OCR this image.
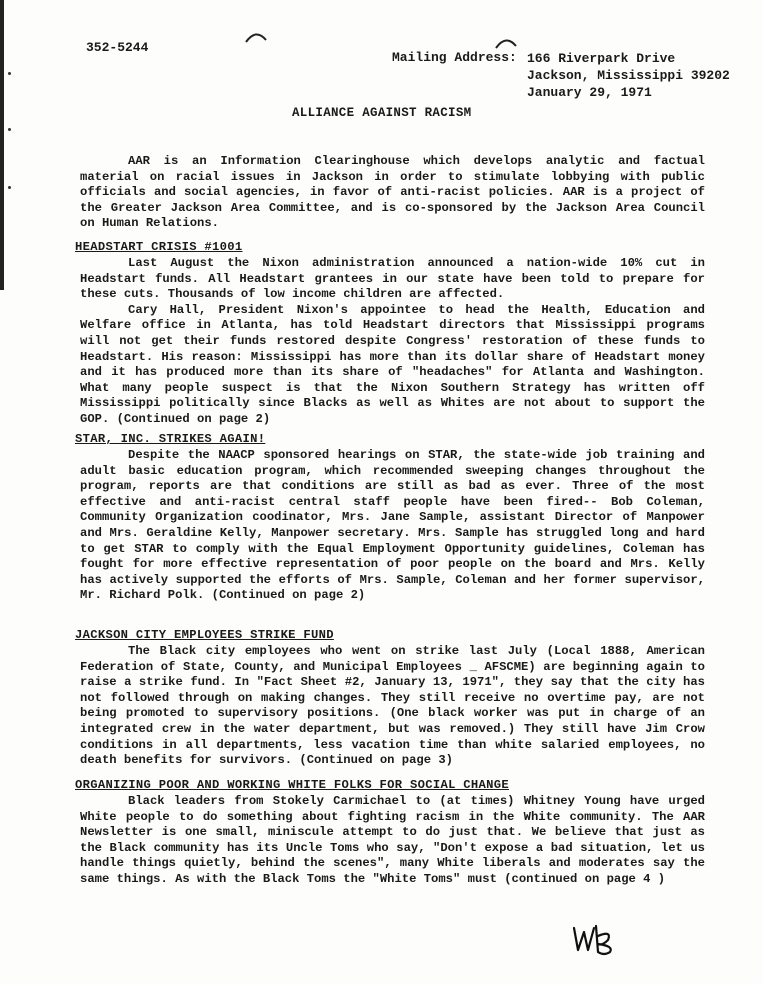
352-5244
Mailing Address: 166 Riverpark Drive
Jackson, Mississippi 39202
January 29, 1971
ALLIANCE AGAINST RACISM

AAR is an Information Clearinghouse which develops analytic and factual material on racial issues in Jackson in order to stimulate lobbying with public officials and social agencies, in favor of anti-racist policies. AAR is a project of the Greater Jackson Area Committee, and is co-sponsored by the Jackson Area Council on Human Relations.

HEADSTART CRISIS #1001

Last August the Nixon administration announced a nation-wide 10% cut in Headstart funds. All Headstart grantees in our state have been told to prepare for these cuts. Thousands of low income children are affected.

Cary Hall, President Nixon's appointee to head the Health, Education and Welfare office in Atlanta, has told Headstart directors that Mississippi programs will not get their funds restored despite Congress' restoration of these funds to Headstart. His reason: Mississippi has more than its dollar share of Headstart money and it has produced more than its share of "headaches" for Atlanta and Washington. What many people suspect is that the Nixon Southern Strategy has written off Mississippi politically since Blacks as well as Whites are not about to support the GOP. (Continued on page 2)

STAR, INC. STRIKES AGAIN!

Despite the NAACP sponsored hearings on STAR, the state-wide job training and adult basic education program, which recommended sweeping changes throughout the program, reports are that conditions are still as bad as ever. Three of the most effective and anti-racist central staff people have been fired-- Bob Coleman, Community Organization coodinator, Mrs. Jane Sample, assistant Director of Manpower and Mrs. Geraldine Kelly, Manpower secretary. Mrs. Sample has struggled long and hard to get STAR to comply with the Equal Employment Opportunity guidelines, Coleman has fought for more effective representation of poor people on the board and Mrs. Kelly has actively supported the efforts of Mrs. Sample, Coleman and her former supervisor, Mr. Richard Polk. (Continued on page 2)

JACKSON CITY EMPLOYEES STRIKE FUND

The Black city employees who went on strike last July (Local 1888, American Federation of State, County, and Municipal Employees _ AFSCME) are beginning again to raise a strike fund. In "Fact Sheet #2, January 13, 1971", they say that the city has not followed through on making changes. They still receive no overtime pay, are not being promoted to supervisory positions. (One black worker was put in charge of an integrated crew in the water department, but was removed.) They still have Jim Crow conditions in all departments, less vacation time than white salaried employees, no death benefits for survivors. (Continued on page 3)

ORGANIZING POOR AND WORKING WHITE FOLKS FOR SOCIAL CHANGE

Black leaders from Stokely Carmichael to (at times) Whitney Young have urged White people to do something about fighting racism in the White community. The AAR Newsletter is one small, miniscule attempt to do just that. We believe that just as the Black community has its Uncle Toms who say, "Don't expose a bad situation, let us handle things quietly, behind the scenes", many White liberals and moderates say the same things. As with the Black Toms the "White Toms" must (continued on page 4 )
